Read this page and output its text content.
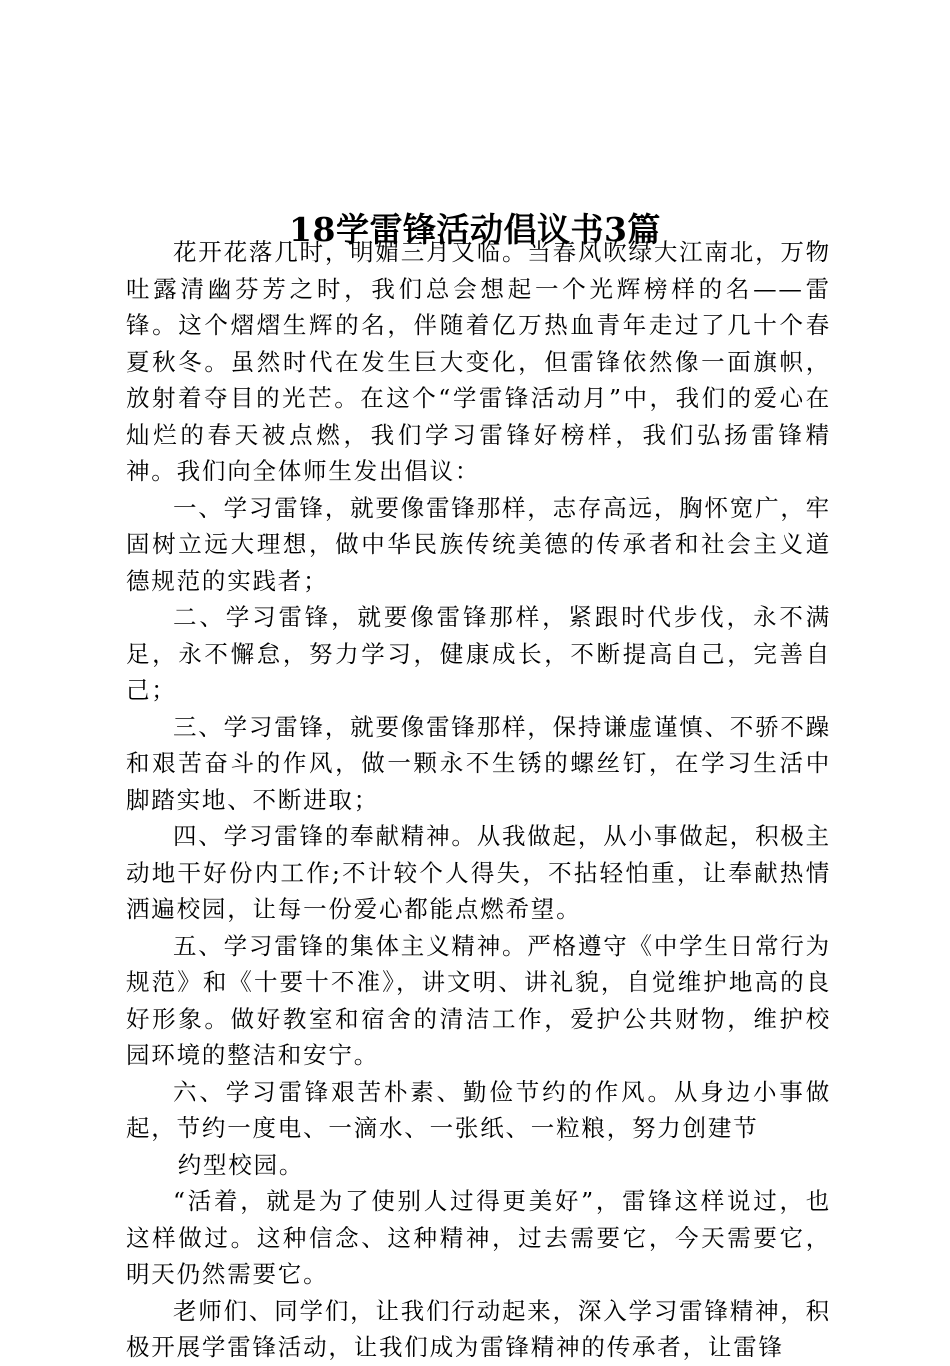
18学雷锋活动倡议书3篇

花开花落几时，明媚三月又临。当春风吹绿大江南北，万物吐露清幽芬芳之时，我们总会想起一个光辉榜样的名——雷锋。这个熠熠生辉的名，伴随着亿万热血青年走过了几十个春夏秋冬。虽然时代在发生巨大变化，但雷锋依然像一面旗帜，放射着夺目的光芒。在这个“学雷锋活动月”中，我们的爱心在灿烂的春天被点燃，我们学习雷锋好榜样，我们弘扬雷锋精神。我们向全体师生发出倡议：

一、学习雷锋，就要像雷锋那样，志存高远，胸怀宽广，牢固树立远大理想，做中华民族传统美德的传承者和社会主义道德规范的实践者；

二、学习雷锋，就要像雷锋那样，紧跟时代步伐，永不满足，永不懈怠，努力学习，健康成长，不断提高自己，完善自己；

三、学习雷锋，就要像雷锋那样，保持谦虚谨慎、不骄不躁和艰苦奋斗的作风，做一颗永不生锈的螺丝钉，在学习生活中脚踏实地、不断进取；

四、学习雷锋的奉献精神。从我做起，从小事做起，积极主动地干好份内工作;不计较个人得失，不拈轻怕重，让奉献热情洒遍校园，让每一份爱心都能点燃希望。

五、学习雷锋的集体主义精神。严格遵守《中学生日常行为规范》和《十要十不准》，讲文明、讲礼貌，自觉维护地高的良好形象。做好教室和宿舍的清洁工作，爱护公共财物，维护校园环境的整洁和安宁。

六、学习雷锋艰苦朴素、勤俭节约的作风。从身边小事做起，节约一度电、一滴水、一张纸、一粒粮，努力创建节

约型校园。

“活着，就是为了使别人过得更美好”，雷锋这样说过，也这样做过。这种信念、这种精神，过去需要它，今天需要它，明天仍然需要它。

老师们、同学们，让我们行动起来，深入学习雷锋精神，积极开展学雷锋活动，让我们成为雷锋精神的传承者，让雷锋
